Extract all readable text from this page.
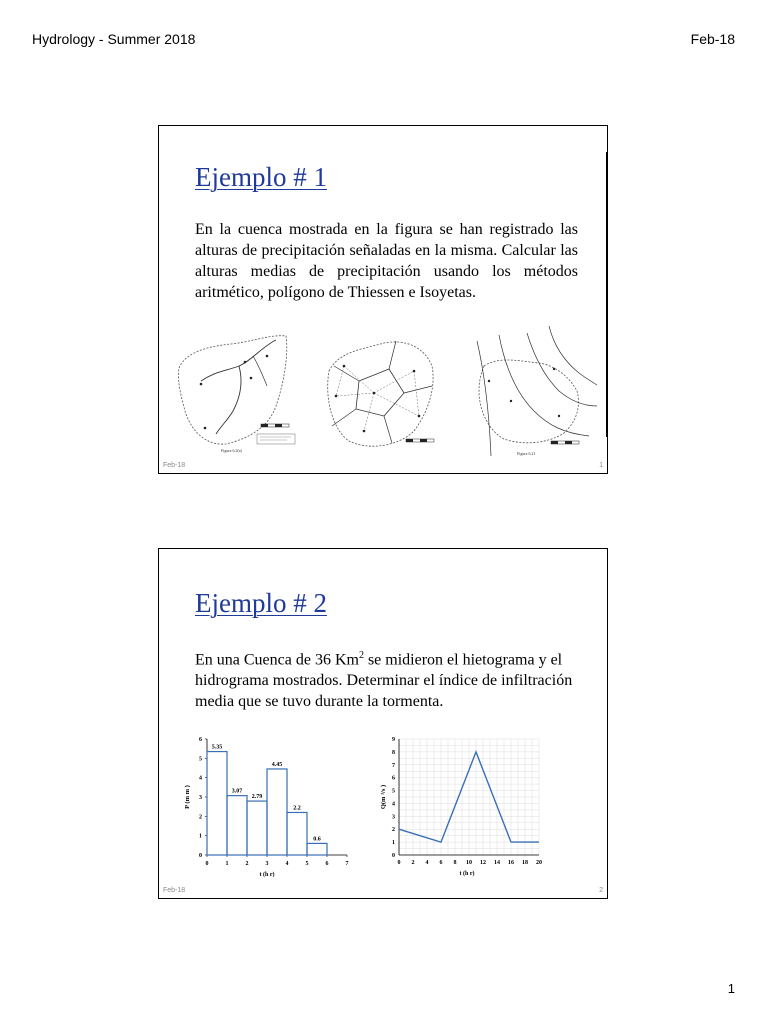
Hydrology - Summer 2018	Feb-18
Ejemplo # 1
En la cuenca mostrada en la figura se han registrado las alturas de precipitación señaladas en la misma. Calcular las alturas medias de precipitación usando los métodos aritmético, polígono de Thiessen e Isoyetas.
Figura 6.2(a)
Figura 6.21
Feb-18	1
Ejemplo # 2
En una Cuenca de 36 Km$^2$ se midieron el hietograma y el hidrograma mostrados. Determinar el índice de infiltración media que se tuvo durante la tormenta.
0
1
2
3
4
5
6
0	1	2	3	4	5	6	7
5.35
3.07
2.79
4.45
2.2
0.6
t (h r)
P (m m )
0
1
2
3
4
5
6
7
8
9
0 2 4 6 8 10 12 14 16 18 20
t (h r)
Q(m ³/s )
Feb-18	2
1
